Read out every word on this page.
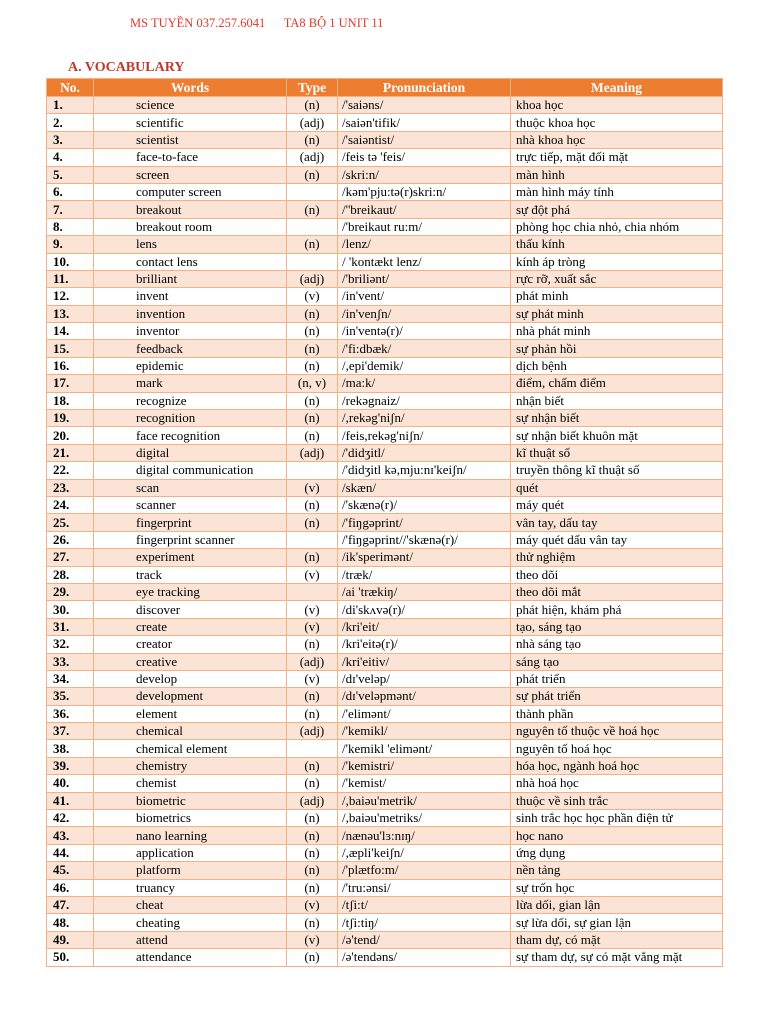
MS TUYỀN 037.257.6041 TA8 BỘ 1 UNIT 11
A. VOCABULARY
No.	Words	Type	Pronunciation	Meaning
1.	science	(n)	/'saiəns/	khoa học
2.	scientific	(adj)	/saiən'tifik/	thuộc khoa học
3.	scientist	(n)	/'saiəntist/	nhà khoa học
4.	face-to-face	(adj)	/feis tə 'feis/	trực tiếp, mặt đối mặt
5.	screen	(n)	/skri:n/	màn hình
6.	computer screen		/kəm'pju:tə(r)skri:n/	màn hình máy tính
7.	breakout	(n)	/''breikaut/	sự đột phá
8.	breakout room		/'breikaut ru:m/	phòng học chia nhỏ, chia nhóm
9.	lens	(n)	/lenz/	thấu kính
10.	contact lens		/ 'kontækt lenz/	kính áp tròng
11.	brilliant	(adj)	/'briliənt/	rực rỡ, xuất sắc
12.	invent	(v)	/in'vent/	phát minh
13.	invention	(n)	/in'venʃn/	sự phát minh
14.	inventor	(n)	/in'ventə(r)/	nhà phát minh
15.	feedback	(n)	/'fi:dbæk/	sự phản hồi
16.	epidemic	(n)	/,epi'demik/	dịch bệnh
17.	mark	(n, v)	/ma:k/	điểm, chấm điểm
18.	recognize	(n)	/rekəgnaiz/	nhận biết
19.	recognition	(n)	/,rekəg'niʃn/	sự nhận biết
20.	face recognition	(n)	/feis,rekəg'niʃn/	sự nhận biết khuôn mặt
21.	digital	(adj)	/'didʒitl/	kĩ thuật số
22.	digital communication		/'didʒitl kə,mju:nɪ'keiʃn/	truyền thông kĩ thuật số
23.	scan	(v)	/skæn/	quét
24.	scanner	(n)	/'skænə(r)/	máy quét
25.	fingerprint	(n)	/'fiŋgəprint/	vân tay, dấu tay
26.	fingerprint scanner		/'fiŋgəprint//'skænə(r)/	máy quét dấu vân tay
27.	experiment	(n)	/ik'sperimənt/	thử nghiệm
28.	track	(v)	/træk/	theo dõi
29.	eye tracking		/ai 'trækiŋ/	theo dõi mắt
30.	discover	(v)	/di'skʌvə(r)/	phát hiện, khám phá
31.	create	(v)	/kri'eit/	tạo, sáng tạo
32.	creator	(n)	/kri'eitə(r)/	nhà sáng tạo
33.	creative	(adj)	/kri'eitiv/	sáng tạo
34.	develop	(v)	/dɪ'veləp/	phát triển
35.	development	(n)	/dɪ'veləpmənt/	sự phát triển
36.	element	(n)	/'elimənt/	thành phần
37.	chemical	(adj)	/'kemikl/	nguyên tố thuộc về hoá học
38.	chemical element		/'kemikl 'elimənt/	nguyên tố hoá học
39.	chemistry	(n)	/'kemistri/	hóa học, ngành hoá học
40.	chemist	(n)	/'kemist/	nhà hoá học
41.	biometric	(adj)	/,baiəu'metrik/	thuộc về sinh trắc
42.	biometrics	(n)	/,baiəu'metriks/	sinh trắc học học phần điện tử
43.	nano learning	(n)	/nænəu'lɜ:nɪŋ/	học nano
44.	application	(n)	/,æpli'keiʃn/	ứng dụng
45.	platform	(n)	/'plætfo:m/	nền tảng
46.	truancy	(n)	/'tru:ənsi/	sự trốn học
47.	cheat	(v)	/tʃi:t/	lừa dối, gian lận
48.	cheating	(n)	/tʃi:tiŋ/	sự lừa dối, sự gian lận
49.	attend	(v)	/ə'tend/	tham dự, có mặt
50.	attendance	(n)	/ə'tendəns/	sự tham dự, sự có mặt vắng mặt
